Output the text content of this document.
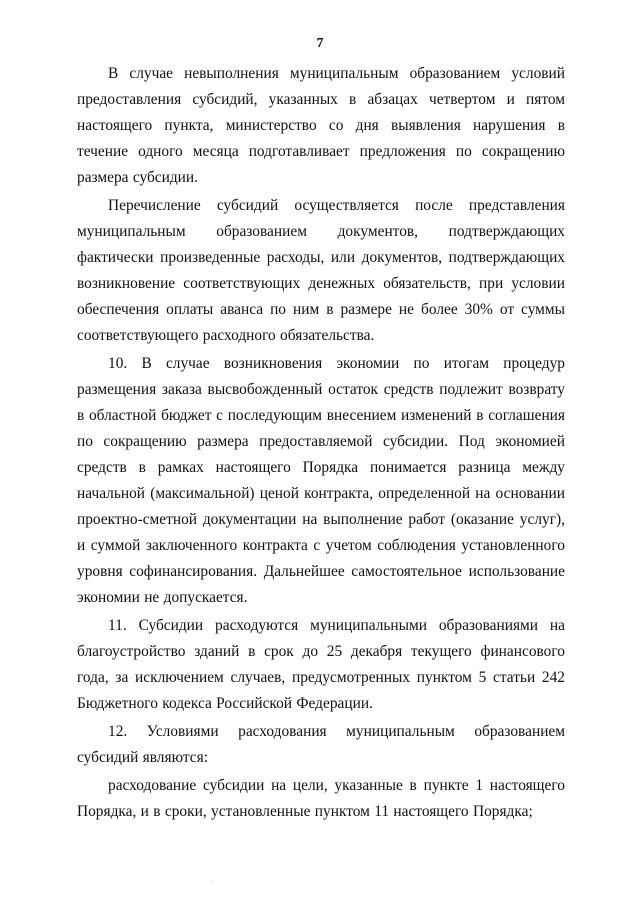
7

В случае невыполнения муниципальным образованием условий предоставления субсидий, указанных в абзацах четвертом и пятом настоящего пункта, министерство со дня выявления нарушения в течение одного месяца подготавливает предложения по сокращению размера субсидии.

Перечисление субсидий осуществляется после представления муниципальным образованием документов, подтверждающих фактически произведенные расходы, или документов, подтверждающих возникновение соответствующих денежных обязательств, при условии обеспечения оплаты аванса по ним в размере не более 30% от суммы соответствующего расходного обязательства.

10. В случае возникновения экономии по итогам процедур размещения заказа высвобожденный остаток средств подлежит возврату в областной бюджет с последующим внесением изменений в соглашения по сокращению размера предоставляемой субсидии. Под экономией средств в рамках настоящего Порядка понимается разница между начальной (максимальной) ценой контракта, определенной на основании проектно-сметной документации на выполнение работ (оказание услуг), и суммой заключенного контракта с учетом соблюдения установленного уровня софинансирования. Дальнейшее самостоятельное использование экономии не допускается.

11. Субсидии расходуются муниципальными образованиями на благоустройство зданий в срок до 25 декабря текущего финансового года, за исключением случаев, предусмотренных пунктом 5 статьи 242 Бюджетного кодекса Российской Федерации.

12. Условиями расходования муниципальным образованием субсидий являются:

расходование субсидии на цели, указанные в пункте 1 настоящего Порядка, и в сроки, установленные пунктом 11 настоящего Порядка;
